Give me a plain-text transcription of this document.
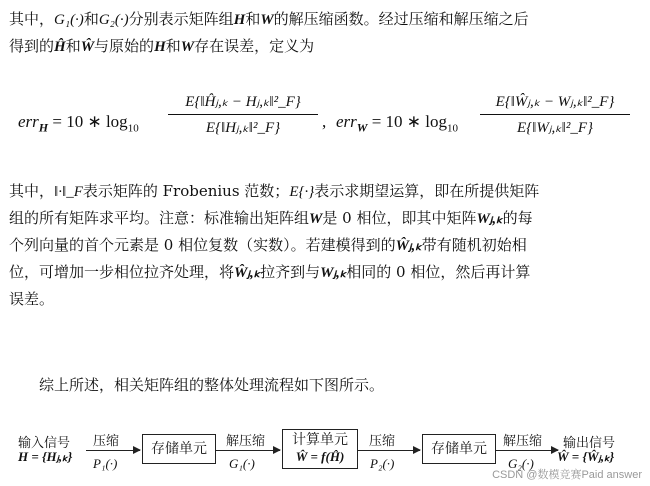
其中，G₁(·)和G₂(·)分别表示矩阵组H和W的解压缩函数。经过压缩和解压缩之后
得到的Ĥ和Ŵ与原始的H和W存在误差，定义为
err$_H$ = 10 ∗ $\log_{10} \frac{\text{E\{‖Ĥⱼ,ₖ − Hⱼ,ₖ‖²\_F\}}}{\text{E\{‖Hⱼ,ₖ‖²\_F\}}}$ , err$_W$ = 10 ∗ $\log_{10} \frac{\text{E\{‖Ŵⱼ,ₖ − Wⱼ,ₖ‖²\_F\}}}{\text{E\{‖Wⱼ,ₖ‖²\_F\}}}$
其中，‖·‖_F表示矩阵的 Frobenius 范数；E{·}表示求期望运算，即在所提供矩阵
组的所有矩阵求平均。注意：标准输出矩阵组W是 0 相位，即其中矩阵Wⱼ,ₖ的每
个列向量的首个元素是 0 相位复数（实数）。若建模得到的Ŵⱼ,ₖ带有随机初始相
位，可增加一步相位拉齐处理，将Ŵⱼ,ₖ拉齐到与Wⱼ,ₖ相同的 0 相位，然后再计算
误差。
综上所述，相关矩阵组的整体处理流程如下图所示。
输入信号
H = {Hⱼ,ₖ}
压缩
P₁(·)
存储单元	解压缩
G₁(·)
计算单元
Ŵ = f(Ĥ)
压缩
P₂(·)
存储单元	解压缩
G₂(·)
输出信号
Ŵ = {Ŵⱼ,ₖ}
CSDN @数模竞赛Paid answer
